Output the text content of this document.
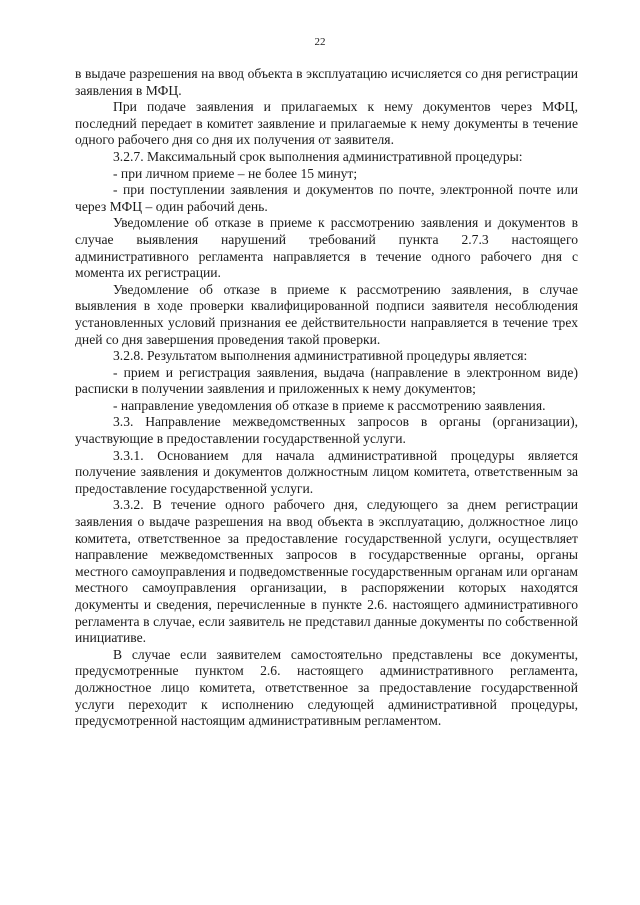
22

в выдаче разрешения на ввод объекта в эксплуатацию исчисляется со дня регистрации заявления в МФЦ.

При подаче заявления и прилагаемых к нему документов через МФЦ, последний передает в комитет заявление и прилагаемые к нему документы в течение одного рабочего дня со дня их получения от заявителя.

3.2.7. Максимальный срок выполнения административной процедуры:

- при личном приеме – не более 15 минут;

- при поступлении заявления и документов по почте, электронной почте или через МФЦ – один рабочий день.

Уведомление об отказе в приеме к рассмотрению заявления и документов в случае выявления нарушений требований пункта 2.7.3 настоящего административного регламента направляется в течение одного рабочего дня с момента их регистрации.

Уведомление об отказе в приеме к рассмотрению заявления, в случае выявления в ходе проверки квалифицированной подписи заявителя несоблюдения установленных условий признания ее действительности направляется в течение трех дней со дня завершения проведения такой проверки.

3.2.8. Результатом выполнения административной процедуры является:

- прием и регистрация заявления, выдача (направление в электронном виде) расписки в получении заявления и приложенных к нему документов;

- направление уведомления об отказе в приеме к рассмотрению заявления.

3.3. Направление межведомственных запросов в органы (организации), участвующие в предоставлении государственной услуги.

3.3.1. Основанием для начала административной процедуры является получение заявления и документов должностным лицом комитета, ответственным за предоставление государственной услуги.

3.3.2. В течение одного рабочего дня, следующего за днем регистрации заявления о выдаче разрешения на ввод объекта в эксплуатацию, должностное лицо комитета, ответственное за предоставление государственной услуги, осуществляет направление межведомственных запросов в государственные органы, органы местного самоуправления и подведомственные государственным органам или органам местного самоуправления организации, в распоряжении которых находятся документы и сведения, перечисленные в пункте 2.6. настоящего административного регламента в случае, если заявитель не представил данные документы по собственной инициативе.

В случае если заявителем самостоятельно представлены все документы, предусмотренные пунктом 2.6. настоящего административного регламента, должностное лицо комитета, ответственное за предоставление государственной услуги переходит к исполнению следующей административной процедуры, предусмотренной настоящим административным регламентом.
